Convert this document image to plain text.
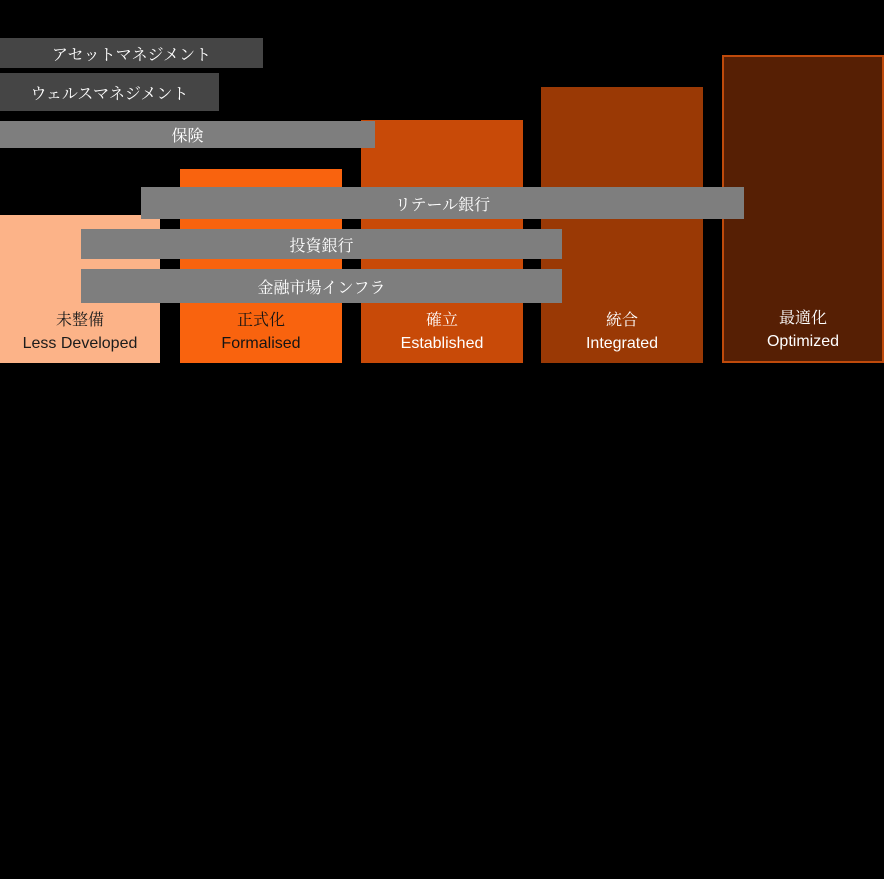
未整備
Less Developed
正式化
Formalised
確立
Established
統合
Integrated
最適化
Optimized
アセットマネジメント
ウェルスマネジメント
保険
リテール銀行
投資銀行
金融市場インフラ
